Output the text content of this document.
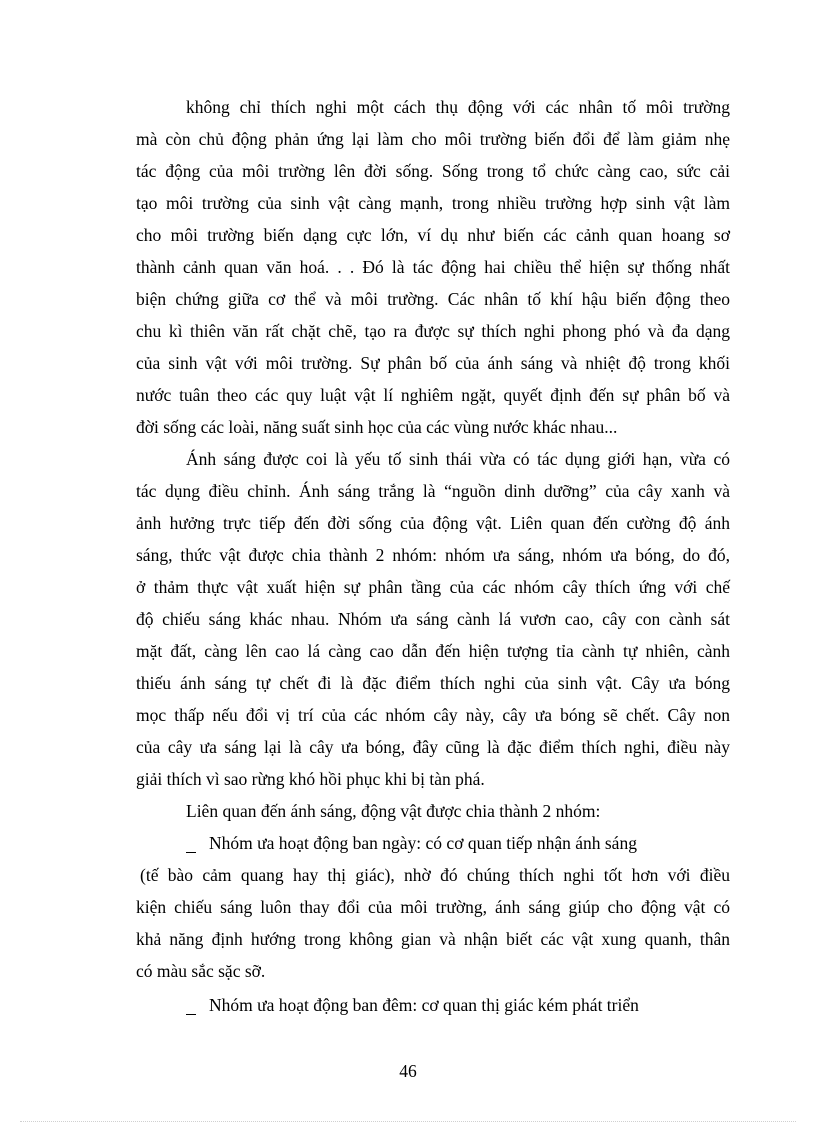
không chỉ thích nghi một cách thụ động với các nhân tố môi trường
mà còn chủ động phản ứng lại làm cho môi trường biến đổi để làm giảm nhẹ
tác động của môi trường lên đời sống. Sống trong tổ chức càng cao, sức cải
tạo môi trường của sinh vật càng mạnh, trong nhiều trường hợp sinh vật làm
cho môi trường biến dạng cực lớn, ví dụ như biến các cảnh quan hoang sơ
thành cảnh quan văn hoá. . . Đó là tác động hai chiều thể hiện sự thống nhất
biện chứng giữa cơ thể và môi trường. Các nhân tố khí hậu biến động theo
chu kì thiên văn rất chặt chẽ, tạo ra được sự thích nghi phong phó và đa dạng
của sinh vật với môi trường. Sự phân bố của ánh sáng và nhiệt độ trong khối
nước tuân theo các quy luật vật lí nghiêm ngặt, quyết định đến sự phân bố và
đời sống các loài, năng suất sinh học của các vùng nước khác nhau...
Ánh sáng được coi là yếu tố sinh thái vừa có tác dụng giới hạn, vừa có
tác dụng điều chỉnh. Ánh sáng trắng là “nguồn dinh dưỡng” của cây xanh và
ảnh hưởng trực tiếp đến đời sống của động vật. Liên quan đến cường độ ánh
sáng, thức vật được chia thành 2 nhóm: nhóm ưa sáng, nhóm ưa bóng, do đó,
ở thảm thực vật xuất hiện sự phân tầng của các nhóm cây thích ứng với chế
độ chiếu sáng khác nhau. Nhóm ưa sáng cành lá vươn cao, cây con cành sát
mặt đất, càng lên cao lá càng cao dẫn đến hiện tượng tỉa cành tự nhiên, cành
thiếu ánh sáng tự chết đi là đặc điểm thích nghi của sinh vật. Cây ưa bóng
mọc thấp nếu đổi vị trí của các nhóm cây này, cây ưa bóng sẽ chết. Cây non
của cây ưa sáng lại là cây ưa bóng, đây cũng là đặc điểm thích nghi, điều này
giải thích vì sao rừng khó hồi phục khi bị tàn phá.
Liên quan đến ánh sáng, động vật được chia thành 2 nhóm:
Nhóm ưa hoạt động ban ngày: có cơ quan tiếp nhận ánh sáng
(tế bào cảm quang hay thị giác), nhờ đó chúng thích nghi tốt hơn với điều
kiện chiếu sáng luôn thay đổi của môi trường, ánh sáng giúp cho động vật có
khả năng định hướng trong không gian và nhận biết các vật xung quanh, thân
có màu sắc sặc sỡ.
Nhóm ưa hoạt động ban đêm: cơ quan thị giác kém phát triển
46
